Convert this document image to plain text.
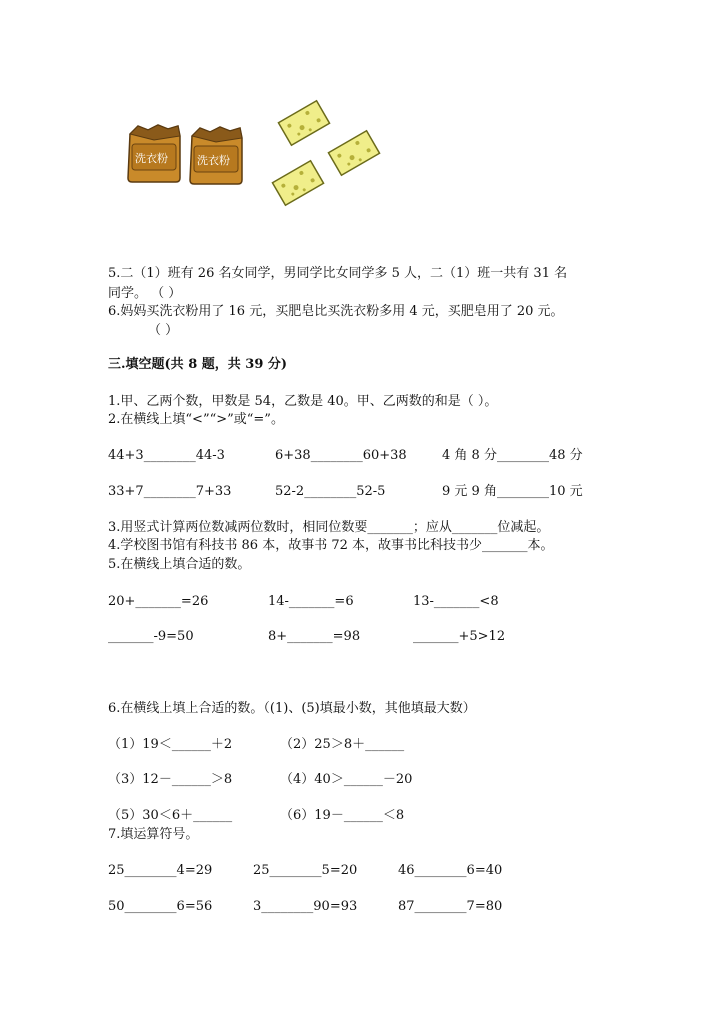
洗衣粉	洗衣粉
5.二（1）班有 26 名女同学，男同学比女同学多 5 人，二（1）班一共有 31 名
同学。 （ ）
6.妈妈买洗衣粉用了 16 元，买肥皂比买洗衣粉多用 4 元，买肥皂用了 20 元。
（ ）
三.填空题(共 8 题，共 39 分)
1.甲、乙两个数，甲数是 54，乙数是 40。甲、乙两数的和是（ ）。
2.在横线上填“<”“>”或“=”。
44+3________44-3	6+38________60+38	4 角 8 分________48 分
33+7________7+33	52-2________52-5	9 元 9 角________10 元
3.用竖式计算两位数减两位数时，相同位数要_______；应从_______位减起。
4.学校图书馆有科技书 86 本，故事书 72 本，故事书比科技书少_______本。
5.在横线上填合适的数。
20+_______=26	14-_______=6	13-_______<8
_______-9=50	8+_______=98	_______+5>12
6.在横线上填上合适的数。（(1)、(5)填最小数，其他填最大数）
（1）19＜______＋2	（2）25＞8＋______
（3）12－______＞8	（4）40＞______－20
（5）30＜6＋______	（6）19－______＜8
7.填运算符号。
25________4=29	25________5=20	46________6=40
50________6=56	3________90=93	87________7=80
